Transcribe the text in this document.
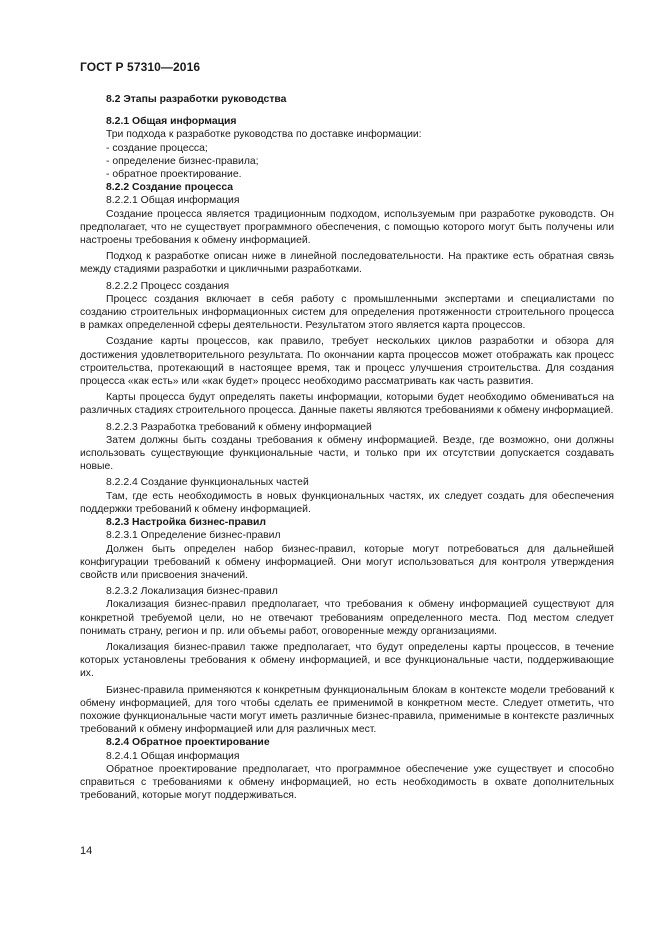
ГОСТ Р 57310—2016

8.2 Этапы разработки руководства

8.2.1 Общая информация

Три подхода к разработке руководства по доставке информации:

- создание процесса;

- определение бизнес-правила;

- обратное проектирование.

8.2.2 Создание процесса

8.2.2.1 Общая информация

Создание процесса является традиционным подходом, используемым при разработке руководств. Он предполагает, что не существует программного обеспечения, с помощью которого могут быть получены или настроены требования к обмену информацией.

Подход к разработке описан ниже в линейной последовательности. На практике есть обратная связь между стадиями разработки и цикличными разработками.

8.2.2.2 Процесс создания

Процесс создания включает в себя работу с промышленными экспертами и специалистами по созданию строительных информационных систем для определения протяженности строительного процесса в рамках определенной сферы деятельности. Результатом этого является карта процессов.

Создание карты процессов, как правило, требует нескольких циклов разработки и обзора для достижения удовлетворительного результата. По окончании карта процессов может отображать как процесс строительства, протекающий в настоящее время, так и процесс улучшения строительства. Для создания процесса «как есть» или «как будет» процесс необходимо рассматривать как часть развития.

Карты процесса будут определять пакеты информации, которыми будет необходимо обмениваться на различных стадиях строительного процесса. Данные пакеты являются требованиями к обмену информацией.

8.2.2.3 Разработка требований к обмену информацией

Затем должны быть созданы требования к обмену информацией. Везде, где возможно, они должны использовать существующие функциональные части, и только при их отсутствии допускается создавать новые.

8.2.2.4 Создание функциональных частей

Там, где есть необходимость в новых функциональных частях, их следует создать для обеспечения поддержки требований к обмену информацией.

8.2.3 Настройка бизнес-правил

8.2.3.1 Определение бизнес-правил

Должен быть определен набор бизнес-правил, которые могут потребоваться для дальнейшей конфигурации требований к обмену информацией. Они могут использоваться для контроля утверждения свойств или присвоения значений.

8.2.3.2 Локализация бизнес-правил

Локализация бизнес-правил предполагает, что требования к обмену информацией существуют для конкретной требуемой цели, но не отвечают требованиям определенного места. Под местом следует понимать страну, регион и пр. или объемы работ, оговоренные между организациями.

Локализация бизнес-правил также предполагает, что будут определены карты процессов, в течение которых установлены требования к обмену информацией, и все функциональные части, поддерживающие их.

Бизнес-правила применяются к конкретным функциональным блокам в контексте модели требований к обмену информацией, для того чтобы сделать ее применимой в конкретном месте. Следует отметить, что похожие функциональные части могут иметь различные бизнес-правила, применимые в контексте различных требований к обмену информацией или для различных мест.

8.2.4 Обратное проектирование

8.2.4.1 Общая информация

Обратное проектирование предполагает, что программное обеспечение уже существует и способно справиться с требованиями к обмену информацией, но есть необходимость в охвате дополнительных требований, которые могут поддерживаться.

14
